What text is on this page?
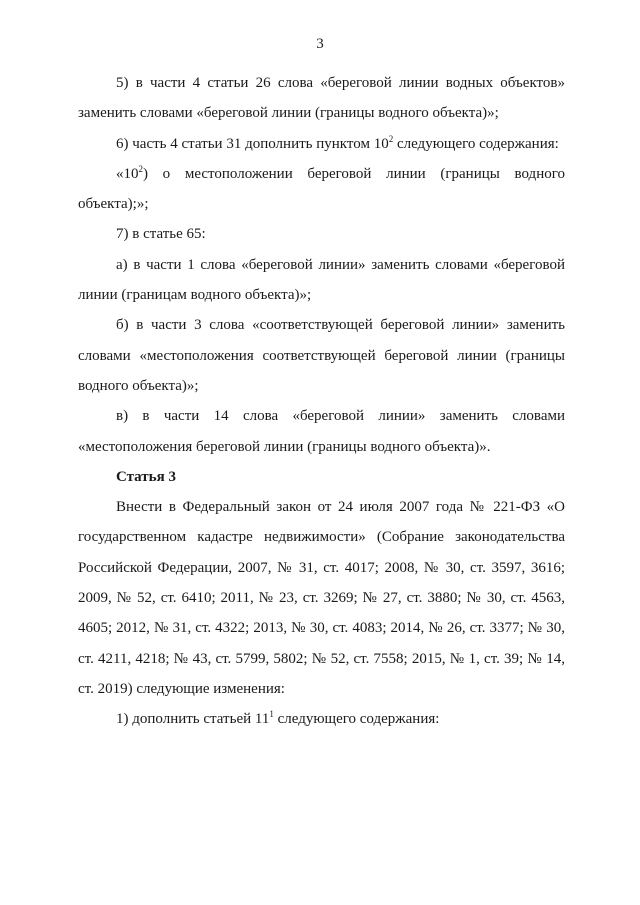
3

5) в части 4 статьи 26 слова «береговой линии водных объектов» заменить словами «береговой линии (границы водного объекта)»;

6) часть 4 статьи 31 дополнить пунктом $10^2$ следующего содержания:

«$10^2$) о местоположении береговой линии (границы водного объекта);»;

7) в статье 65:

а) в части 1 слова «береговой линии» заменить словами «береговой линии (границам водного объекта)»;

б) в части 3 слова «соответствующей береговой линии» заменить словами «местоположения соответствующей береговой линии (границы водного объекта)»;

в) в части 14 слова «береговой линии» заменить словами «местоположения береговой линии (границы водного объекта)».

Статья 3

Внести в Федеральный закон от 24 июля 2007 года № 221-ФЗ «О государственном кадастре недвижимости» (Собрание законодательства Российской Федерации, 2007, № 31, ст. 4017; 2008, № 30, ст. 3597, 3616; 2009, № 52, ст. 6410; 2011, № 23, ст. 3269; № 27, ст. 3880; № 30, ст. 4563, 4605; 2012, № 31, ст. 4322; 2013, № 30, ст. 4083; 2014, № 26, ст. 3377; № 30, ст. 4211, 4218; № 43, ст. 5799, 5802; № 52, ст. 7558; 2015, № 1, ст. 39; № 14, ст. 2019) следующие изменения:

1) дополнить статьей $11^1$ следующего содержания:
